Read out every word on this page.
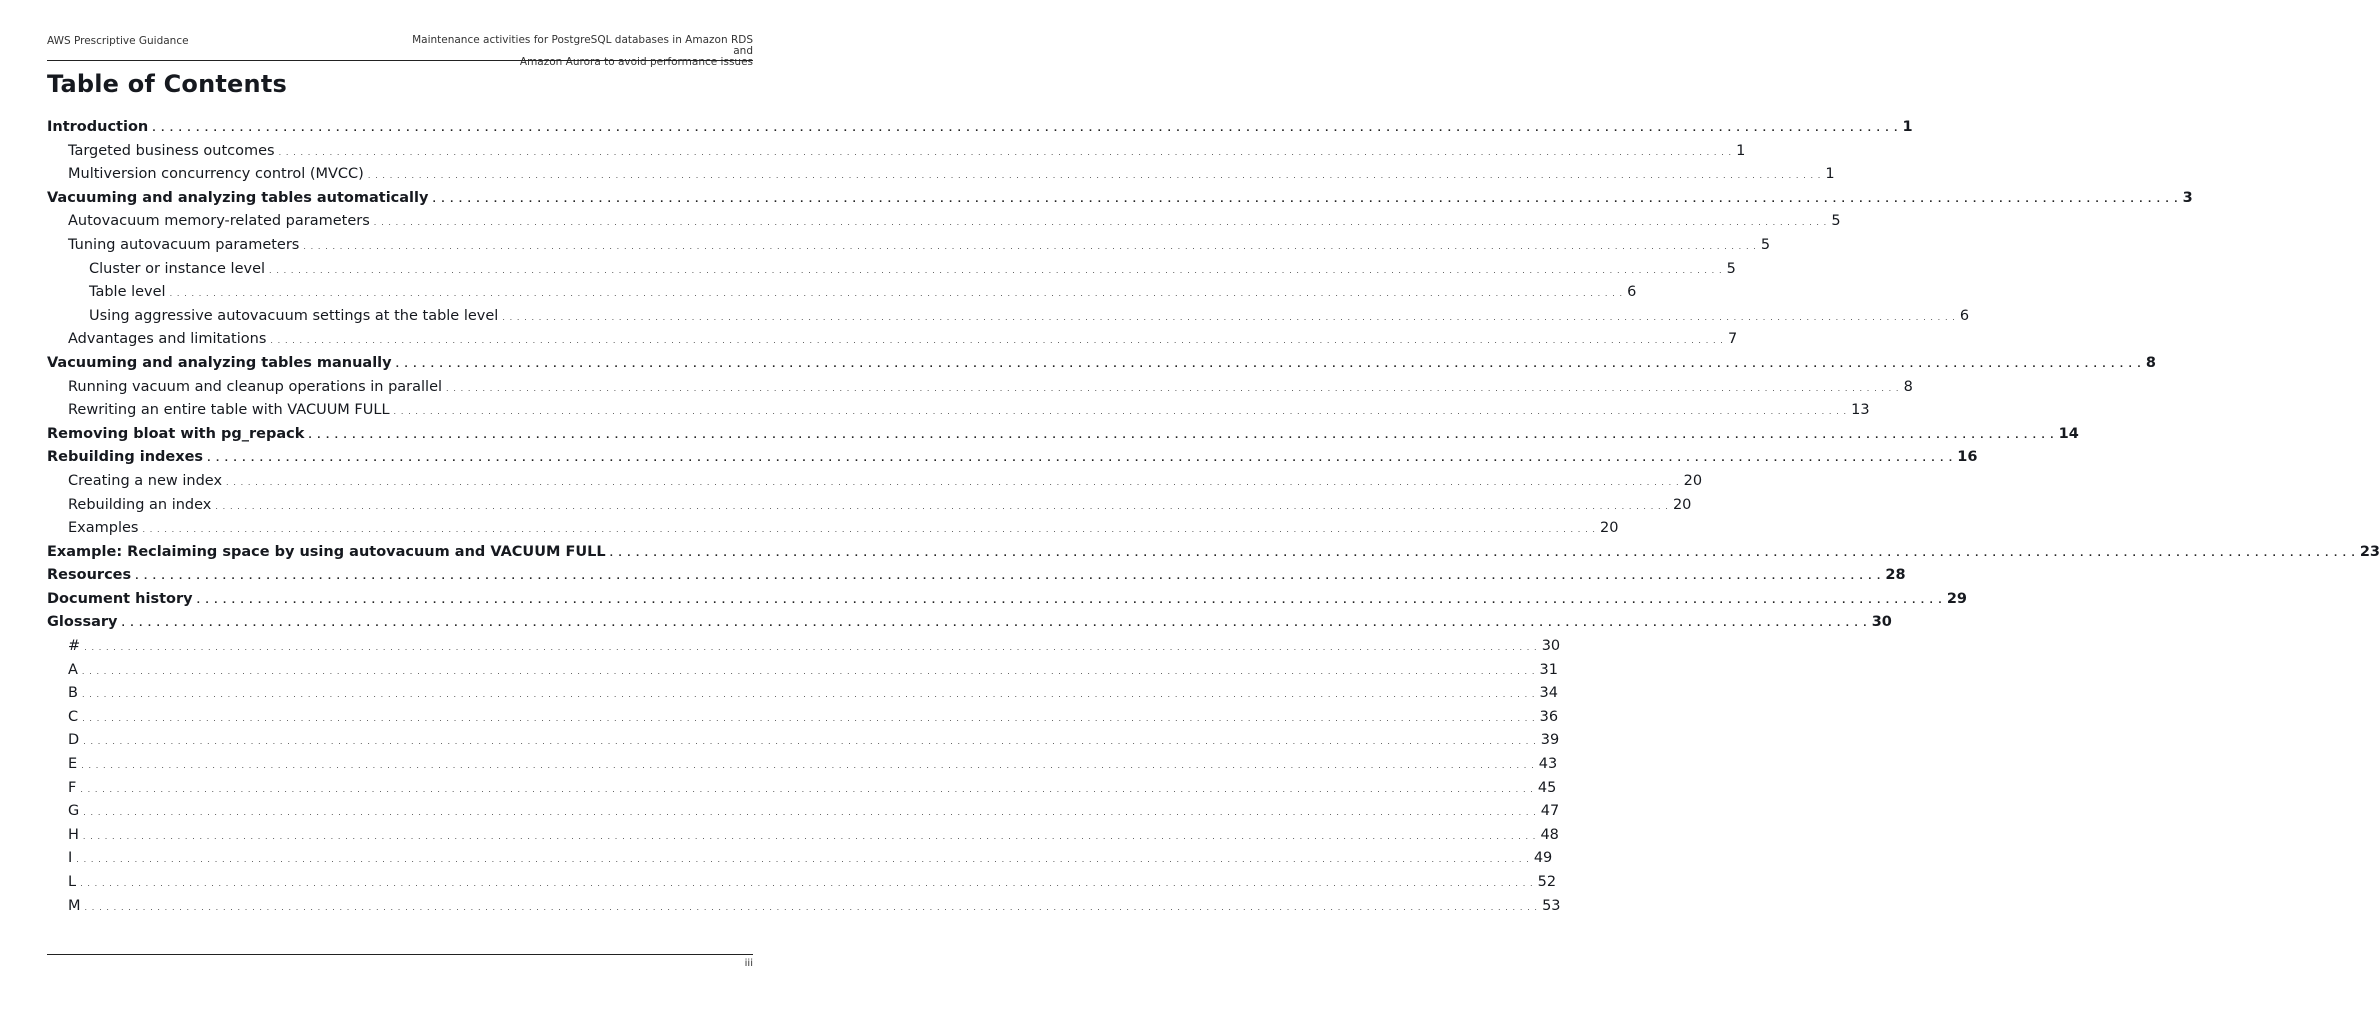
AWS Prescriptive Guidance	Maintenance activities for PostgreSQL databases in Amazon RDS and
Amazon Aurora to avoid performance issues
Table of Contents
Introduction . . . . . . . . . . . . . . . . . . . . . . . . . . . . . . . . . . . . . . . . . . . . . . . . . . . . . . . . . . . . . . . . . . . . . . . . . . . . . . . . . . . . . . . . . . . . . . . . . . . . . . . . . . . . . . . . . . . . . . . . . . . . . . . . . . . . . . . . . . . . . . . . . . . . . . . . . . . . . . . . . . . . . . . . . . . . . . . . . . . . . . . . . . . . . . . . . . . . . . . . 1
Targeted business outcomes . . . . . . . . . . . . . . . . . . . . . . . . . . . . . . . . . . . . . . . . . . . . . . . . . . . . . . . . . . . . . . . . . . . . . . . . . . . . . . . . . . . . . . . . . . . . . . . . . . . . . . . . . . . . . . . . . . . . . . . . . . . . . . . . . . . . . . . . . . . . . . . . . . . . . . . . . . . . . . . . . . . . . . . . . . . . . . . . . . . . . . . . . . . . . . . . . . . . . . . . 1
Multiversion concurrency control (MVCC) . . . . . . . . . . . . . . . . . . . . . . . . . . . . . . . . . . . . . . . . . . . . . . . . . . . . . . . . . . . . . . . . . . . . . . . . . . . . . . . . . . . . . . . . . . . . . . . . . . . . . . . . . . . . . . . . . . . . . . . . . . . . . . . . . . . . . . . . . . . . . . . . . . . . . . . . . . . . . . . . . . . . . . . . . . . . . . . . . . . . . . . . . . . . . . . . . . . . . . . . 1
Vacuuming and analyzing tables automatically . . . . . . . . . . . . . . . . . . . . . . . . . . . . . . . . . . . . . . . . . . . . . . . . . . . . . . . . . . . . . . . . . . . . . . . . . . . . . . . . . . . . . . . . . . . . . . . . . . . . . . . . . . . . . . . . . . . . . . . . . . . . . . . . . . . . . . . . . . . . . . . . . . . . . . . . . . . . . . . . . . . . . . . . . . . . . . . . . . . . . . . . . . . . . . . . . . . . . . . . 3
Autovacuum memory-related parameters . . . . . . . . . . . . . . . . . . . . . . . . . . . . . . . . . . . . . . . . . . . . . . . . . . . . . . . . . . . . . . . . . . . . . . . . . . . . . . . . . . . . . . . . . . . . . . . . . . . . . . . . . . . . . . . . . . . . . . . . . . . . . . . . . . . . . . . . . . . . . . . . . . . . . . . . . . . . . . . . . . . . . . . . . . . . . . . . . . . . . . . . . . . . . . . . . . . . . . . . 5
Tuning autovacuum parameters . . . . . . . . . . . . . . . . . . . . . . . . . . . . . . . . . . . . . . . . . . . . . . . . . . . . . . . . . . . . . . . . . . . . . . . . . . . . . . . . . . . . . . . . . . . . . . . . . . . . . . . . . . . . . . . . . . . . . . . . . . . . . . . . . . . . . . . . . . . . . . . . . . . . . . . . . . . . . . . . . . . . . . . . . . . . . . . . . . . . . . . . . . . . . . . . . . . . . . . . 5
Cluster or instance level . . . . . . . . . . . . . . . . . . . . . . . . . . . . . . . . . . . . . . . . . . . . . . . . . . . . . . . . . . . . . . . . . . . . . . . . . . . . . . . . . . . . . . . . . . . . . . . . . . . . . . . . . . . . . . . . . . . . . . . . . . . . . . . . . . . . . . . . . . . . . . . . . . . . . . . . . . . . . . . . . . . . . . . . . . . . . . . . . . . . . . . . . . . . . . . . . . . . . . . . 5
Table level . . . . . . . . . . . . . . . . . . . . . . . . . . . . . . . . . . . . . . . . . . . . . . . . . . . . . . . . . . . . . . . . . . . . . . . . . . . . . . . . . . . . . . . . . . . . . . . . . . . . . . . . . . . . . . . . . . . . . . . . . . . . . . . . . . . . . . . . . . . . . . . . . . . . . . . . . . . . . . . . . . . . . . . . . . . . . . . . . . . . . . . . . . . . . . . . . . . . . . . . 6
Using aggressive autovacuum settings at the table level . . . . . . . . . . . . . . . . . . . . . . . . . . . . . . . . . . . . . . . . . . . . . . . . . . . . . . . . . . . . . . . . . . . . . . . . . . . . . . . . . . . . . . . . . . . . . . . . . . . . . . . . . . . . . . . . . . . . . . . . . . . . . . . . . . . . . . . . . . . . . . . . . . . . . . . . . . . . . . . . . . . . . . . . . . . . . . . . . . . . . . . . . . . . . . . . . . . . . . . . 6
Advantages and limitations . . . . . . . . . . . . . . . . . . . . . . . . . . . . . . . . . . . . . . . . . . . . . . . . . . . . . . . . . . . . . . . . . . . . . . . . . . . . . . . . . . . . . . . . . . . . . . . . . . . . . . . . . . . . . . . . . . . . . . . . . . . . . . . . . . . . . . . . . . . . . . . . . . . . . . . . . . . . . . . . . . . . . . . . . . . . . . . . . . . . . . . . . . . . . . . . . . . . . . . . 7
Vacuuming and analyzing tables manually . . . . . . . . . . . . . . . . . . . . . . . . . . . . . . . . . . . . . . . . . . . . . . . . . . . . . . . . . . . . . . . . . . . . . . . . . . . . . . . . . . . . . . . . . . . . . . . . . . . . . . . . . . . . . . . . . . . . . . . . . . . . . . . . . . . . . . . . . . . . . . . . . . . . . . . . . . . . . . . . . . . . . . . . . . . . . . . . . . . . . . . . . . . . . . . . . . . . . . . . 8
Running vacuum and cleanup operations in parallel . . . . . . . . . . . . . . . . . . . . . . . . . . . . . . . . . . . . . . . . . . . . . . . . . . . . . . . . . . . . . . . . . . . . . . . . . . . . . . . . . . . . . . . . . . . . . . . . . . . . . . . . . . . . . . . . . . . . . . . . . . . . . . . . . . . . . . . . . . . . . . . . . . . . . . . . . . . . . . . . . . . . . . . . . . . . . . . . . . . . . . . . . . . . . . . . . . . . . . . . 8
Rewriting an entire table with VACUUM FULL . . . . . . . . . . . . . . . . . . . . . . . . . . . . . . . . . . . . . . . . . . . . . . . . . . . . . . . . . . . . . . . . . . . . . . . . . . . . . . . . . . . . . . . . . . . . . . . . . . . . . . . . . . . . . . . . . . . . . . . . . . . . . . . . . . . . . . . . . . . . . . . . . . . . . . . . . . . . . . . . . . . . . . . . . . . . . . . . . . . . . . . . . . . . . . . . . . . . . . . . 13
Removing bloat with pg_repack . . . . . . . . . . . . . . . . . . . . . . . . . . . . . . . . . . . . . . . . . . . . . . . . . . . . . . . . . . . . . . . . . . . . . . . . . . . . . . . . . . . . . . . . . . . . . . . . . . . . . . . . . . . . . . . . . . . . . . . . . . . . . . . . . . . . . . . . . . . . . . . . . . . . . . . . . . . . . . . . . . . . . . . . . . . . . . . . . . . . . . . . . . . . . . . . . . . . . . . . 14
Rebuilding indexes . . . . . . . . . . . . . . . . . . . . . . . . . . . . . . . . . . . . . . . . . . . . . . . . . . . . . . . . . . . . . . . . . . . . . . . . . . . . . . . . . . . . . . . . . . . . . . . . . . . . . . . . . . . . . . . . . . . . . . . . . . . . . . . . . . . . . . . . . . . . . . . . . . . . . . . . . . . . . . . . . . . . . . . . . . . . . . . . . . . . . . . . . . . . . . . . . . . . . . . . 16
Creating a new index . . . . . . . . . . . . . . . . . . . . . . . . . . . . . . . . . . . . . . . . . . . . . . . . . . . . . . . . . . . . . . . . . . . . . . . . . . . . . . . . . . . . . . . . . . . . . . . . . . . . . . . . . . . . . . . . . . . . . . . . . . . . . . . . . . . . . . . . . . . . . . . . . . . . . . . . . . . . . . . . . . . . . . . . . . . . . . . . . . . . . . . . . . . . . . . . . . . . . . . . 20
Rebuilding an index . . . . . . . . . . . . . . . . . . . . . . . . . . . . . . . . . . . . . . . . . . . . . . . . . . . . . . . . . . . . . . . . . . . . . . . . . . . . . . . . . . . . . . . . . . . . . . . . . . . . . . . . . . . . . . . . . . . . . . . . . . . . . . . . . . . . . . . . . . . . . . . . . . . . . . . . . . . . . . . . . . . . . . . . . . . . . . . . . . . . . . . . . . . . . . . . . . . . . . . . 20
Examples . . . . . . . . . . . . . . . . . . . . . . . . . . . . . . . . . . . . . . . . . . . . . . . . . . . . . . . . . . . . . . . . . . . . . . . . . . . . . . . . . . . . . . . . . . . . . . . . . . . . . . . . . . . . . . . . . . . . . . . . . . . . . . . . . . . . . . . . . . . . . . . . . . . . . . . . . . . . . . . . . . . . . . . . . . . . . . . . . . . . . . . . . . . . . . . . . . . . . . . . 20
Example: Reclaiming space by using autovacuum and VACUUM FULL . . . . . . . . . . . . . . . . . . . . . . . . . . . . . . . . . . . . . . . . . . . . . . . . . . . . . . . . . . . . . . . . . . . . . . . . . . . . . . . . . . . . . . . . . . . . . . . . . . . . . . . . . . . . . . . . . . . . . . . . . . . . . . . . . . . . . . . . . . . . . . . . . . . . . . . . . . . . . . . . . . . . . . . . . . . . . . . . . . . . . . . . . . . . . . . . . . . . . . . . 23
Resources . . . . . . . . . . . . . . . . . . . . . . . . . . . . . . . . . . . . . . . . . . . . . . . . . . . . . . . . . . . . . . . . . . . . . . . . . . . . . . . . . . . . . . . . . . . . . . . . . . . . . . . . . . . . . . . . . . . . . . . . . . . . . . . . . . . . . . . . . . . . . . . . . . . . . . . . . . . . . . . . . . . . . . . . . . . . . . . . . . . . . . . . . . . . . . . . . . . . . . . . 28
Document history . . . . . . . . . . . . . . . . . . . . . . . . . . . . . . . . . . . . . . . . . . . . . . . . . . . . . . . . . . . . . . . . . . . . . . . . . . . . . . . . . . . . . . . . . . . . . . . . . . . . . . . . . . . . . . . . . . . . . . . . . . . . . . . . . . . . . . . . . . . . . . . . . . . . . . . . . . . . . . . . . . . . . . . . . . . . . . . . . . . . . . . . . . . . . . . . . . . . . . . . 29
Glossary . . . . . . . . . . . . . . . . . . . . . . . . . . . . . . . . . . . . . . . . . . . . . . . . . . . . . . . . . . . . . . . . . . . . . . . . . . . . . . . . . . . . . . . . . . . . . . . . . . . . . . . . . . . . . . . . . . . . . . . . . . . . . . . . . . . . . . . . . . . . . . . . . . . . . . . . . . . . . . . . . . . . . . . . . . . . . . . . . . . . . . . . . . . . . . . . . . . . . . . . 30
# . . . . . . . . . . . . . . . . . . . . . . . . . . . . . . . . . . . . . . . . . . . . . . . . . . . . . . . . . . . . . . . . . . . . . . . . . . . . . . . . . . . . . . . . . . . . . . . . . . . . . . . . . . . . . . . . . . . . . . . . . . . . . . . . . . . . . . . . . . . . . . . . . . . . . . . . . . . . . . . . . . . . . . . . . . . . . . . . . . . . . . . . . . . . . . . . . . . . . . . . 30
A . . . . . . . . . . . . . . . . . . . . . . . . . . . . . . . . . . . . . . . . . . . . . . . . . . . . . . . . . . . . . . . . . . . . . . . . . . . . . . . . . . . . . . . . . . . . . . . . . . . . . . . . . . . . . . . . . . . . . . . . . . . . . . . . . . . . . . . . . . . . . . . . . . . . . . . . . . . . . . . . . . . . . . . . . . . . . . . . . . . . . . . . . . . . . . . . . . . . . . . . 31
B . . . . . . . . . . . . . . . . . . . . . . . . . . . . . . . . . . . . . . . . . . . . . . . . . . . . . . . . . . . . . . . . . . . . . . . . . . . . . . . . . . . . . . . . . . . . . . . . . . . . . . . . . . . . . . . . . . . . . . . . . . . . . . . . . . . . . . . . . . . . . . . . . . . . . . . . . . . . . . . . . . . . . . . . . . . . . . . . . . . . . . . . . . . . . . . . . . . . . . . . 34
C . . . . . . . . . . . . . . . . . . . . . . . . . . . . . . . . . . . . . . . . . . . . . . . . . . . . . . . . . . . . . . . . . . . . . . . . . . . . . . . . . . . . . . . . . . . . . . . . . . . . . . . . . . . . . . . . . . . . . . . . . . . . . . . . . . . . . . . . . . . . . . . . . . . . . . . . . . . . . . . . . . . . . . . . . . . . . . . . . . . . . . . . . . . . . . . . . . . . . . . . 36
D . . . . . . . . . . . . . . . . . . . . . . . . . . . . . . . . . . . . . . . . . . . . . . . . . . . . . . . . . . . . . . . . . . . . . . . . . . . . . . . . . . . . . . . . . . . . . . . . . . . . . . . . . . . . . . . . . . . . . . . . . . . . . . . . . . . . . . . . . . . . . . . . . . . . . . . . . . . . . . . . . . . . . . . . . . . . . . . . . . . . . . . . . . . . . . . . . . . . . . . . 39
E . . . . . . . . . . . . . . . . . . . . . . . . . . . . . . . . . . . . . . . . . . . . . . . . . . . . . . . . . . . . . . . . . . . . . . . . . . . . . . . . . . . . . . . . . . . . . . . . . . . . . . . . . . . . . . . . . . . . . . . . . . . . . . . . . . . . . . . . . . . . . . . . . . . . . . . . . . . . . . . . . . . . . . . . . . . . . . . . . . . . . . . . . . . . . . . . . . . . . . . . 43
F . . . . . . . . . . . . . . . . . . . . . . . . . . . . . . . . . . . . . . . . . . . . . . . . . . . . . . . . . . . . . . . . . . . . . . . . . . . . . . . . . . . . . . . . . . . . . . . . . . . . . . . . . . . . . . . . . . . . . . . . . . . . . . . . . . . . . . . . . . . . . . . . . . . . . . . . . . . . . . . . . . . . . . . . . . . . . . . . . . . . . . . . . . . . . . . . . . . . . . . . 45
G . . . . . . . . . . . . . . . . . . . . . . . . . . . . . . . . . . . . . . . . . . . . . . . . . . . . . . . . . . . . . . . . . . . . . . . . . . . . . . . . . . . . . . . . . . . . . . . . . . . . . . . . . . . . . . . . . . . . . . . . . . . . . . . . . . . . . . . . . . . . . . . . . . . . . . . . . . . . . . . . . . . . . . . . . . . . . . . . . . . . . . . . . . . . . . . . . . . . . . . . 47
H . . . . . . . . . . . . . . . . . . . . . . . . . . . . . . . . . . . . . . . . . . . . . . . . . . . . . . . . . . . . . . . . . . . . . . . . . . . . . . . . . . . . . . . . . . . . . . . . . . . . . . . . . . . . . . . . . . . . . . . . . . . . . . . . . . . . . . . . . . . . . . . . . . . . . . . . . . . . . . . . . . . . . . . . . . . . . . . . . . . . . . . . . . . . . . . . . . . . . . . . 48
I . . . . . . . . . . . . . . . . . . . . . . . . . . . . . . . . . . . . . . . . . . . . . . . . . . . . . . . . . . . . . . . . . . . . . . . . . . . . . . . . . . . . . . . . . . . . . . . . . . . . . . . . . . . . . . . . . . . . . . . . . . . . . . . . . . . . . . . . . . . . . . . . . . . . . . . . . . . . . . . . . . . . . . . . . . . . . . . . . . . . . . . . . . . . . . . . . . . . . . . . 49
L . . . . . . . . . . . . . . . . . . . . . . . . . . . . . . . . . . . . . . . . . . . . . . . . . . . . . . . . . . . . . . . . . . . . . . . . . . . . . . . . . . . . . . . . . . . . . . . . . . . . . . . . . . . . . . . . . . . . . . . . . . . . . . . . . . . . . . . . . . . . . . . . . . . . . . . . . . . . . . . . . . . . . . . . . . . . . . . . . . . . . . . . . . . . . . . . . . . . . . . . 52
M . . . . . . . . . . . . . . . . . . . . . . . . . . . . . . . . . . . . . . . . . . . . . . . . . . . . . . . . . . . . . . . . . . . . . . . . . . . . . . . . . . . . . . . . . . . . . . . . . . . . . . . . . . . . . . . . . . . . . . . . . . . . . . . . . . . . . . . . . . . . . . . . . . . . . . . . . . . . . . . . . . . . . . . . . . . . . . . . . . . . . . . . . . . . . . . . . . . . . . . . 53
iii
